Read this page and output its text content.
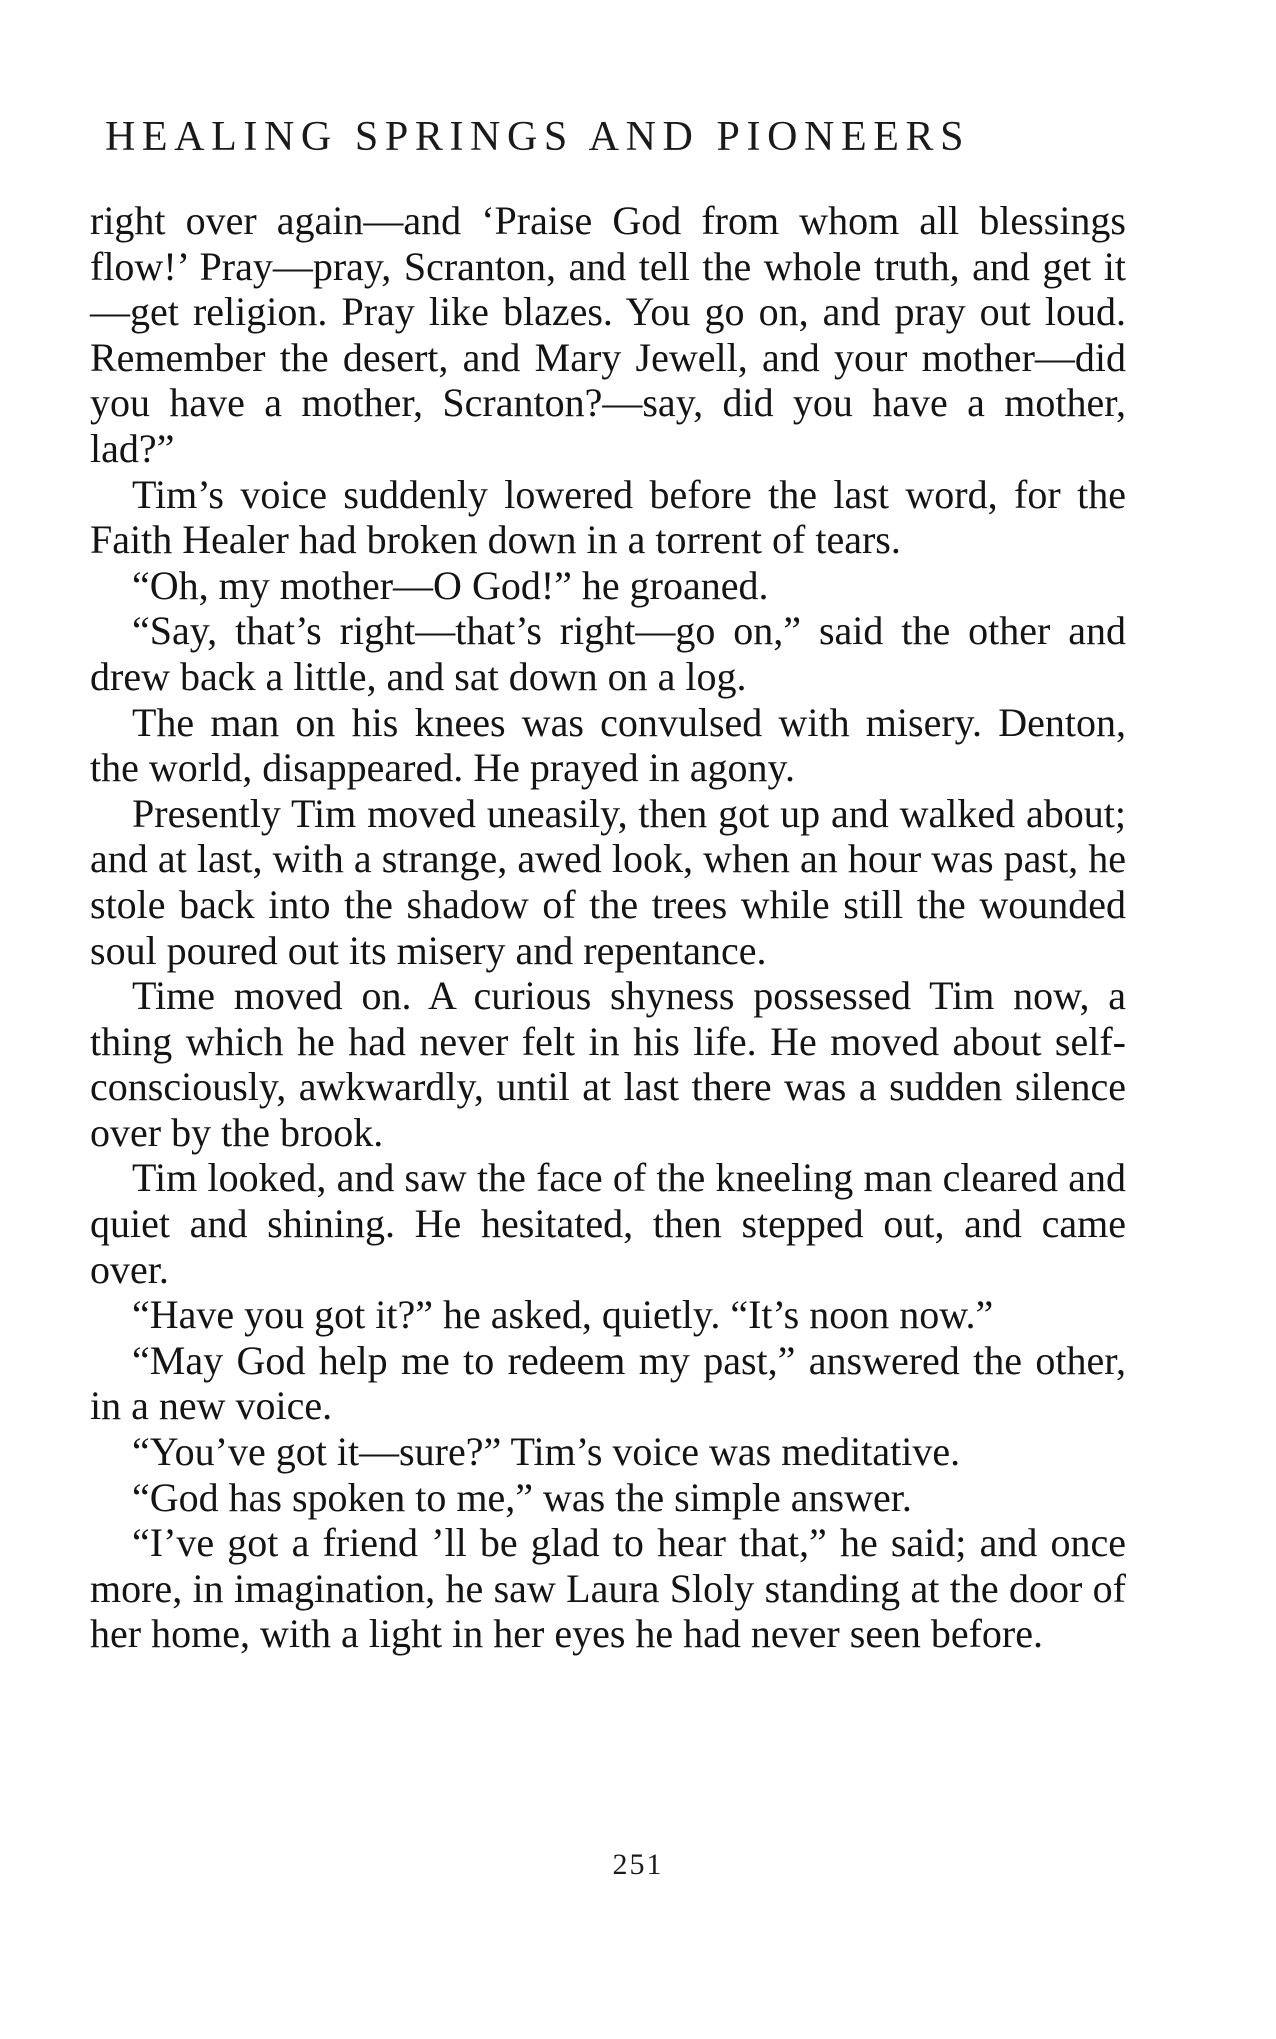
HEALING SPRINGS AND PIONEERS

right over again—and ‘Praise God from whom all blessings flow!’ Pray—pray, Scranton, and tell the whole truth, and get it—get religion. Pray like blazes. You go on, and pray out loud. Remember the desert, and Mary Jewell, and your mother—did you have a mother, Scranton?—say, did you have a mother, lad?”

Tim’s voice suddenly lowered before the last word, for the Faith Healer had broken down in a torrent of tears.

“Oh, my mother—O God!” he groaned.

“Say, that’s right—that’s right—go on,” said the other and drew back a little, and sat down on a log.

The man on his knees was convulsed with misery. Denton, the world, disappeared. He prayed in agony.

Presently Tim moved uneasily, then got up and walked about; and at last, with a strange, awed look, when an hour was past, he stole back into the shadow of the trees while still the wounded soul poured out its misery and repentance.

Time moved on. A curious shyness possessed Tim now, a thing which he had never felt in his life. He moved about self-consciously, awkwardly, until at last there was a sudden silence over by the brook.

Tim looked, and saw the face of the kneeling man cleared and quiet and shining. He hesitated, then stepped out, and came over.

“Have you got it?” he asked, quietly. “It’s noon now.”

“May God help me to redeem my past,” answered the other, in a new voice.

“You’ve got it—sure?” Tim’s voice was meditative.

“God has spoken to me,” was the simple answer.

“I’ve got a friend ’ll be glad to hear that,” he said; and once more, in imagination, he saw Laura Sloly standing at the door of her home, with a light in her eyes he had never seen before.

251
